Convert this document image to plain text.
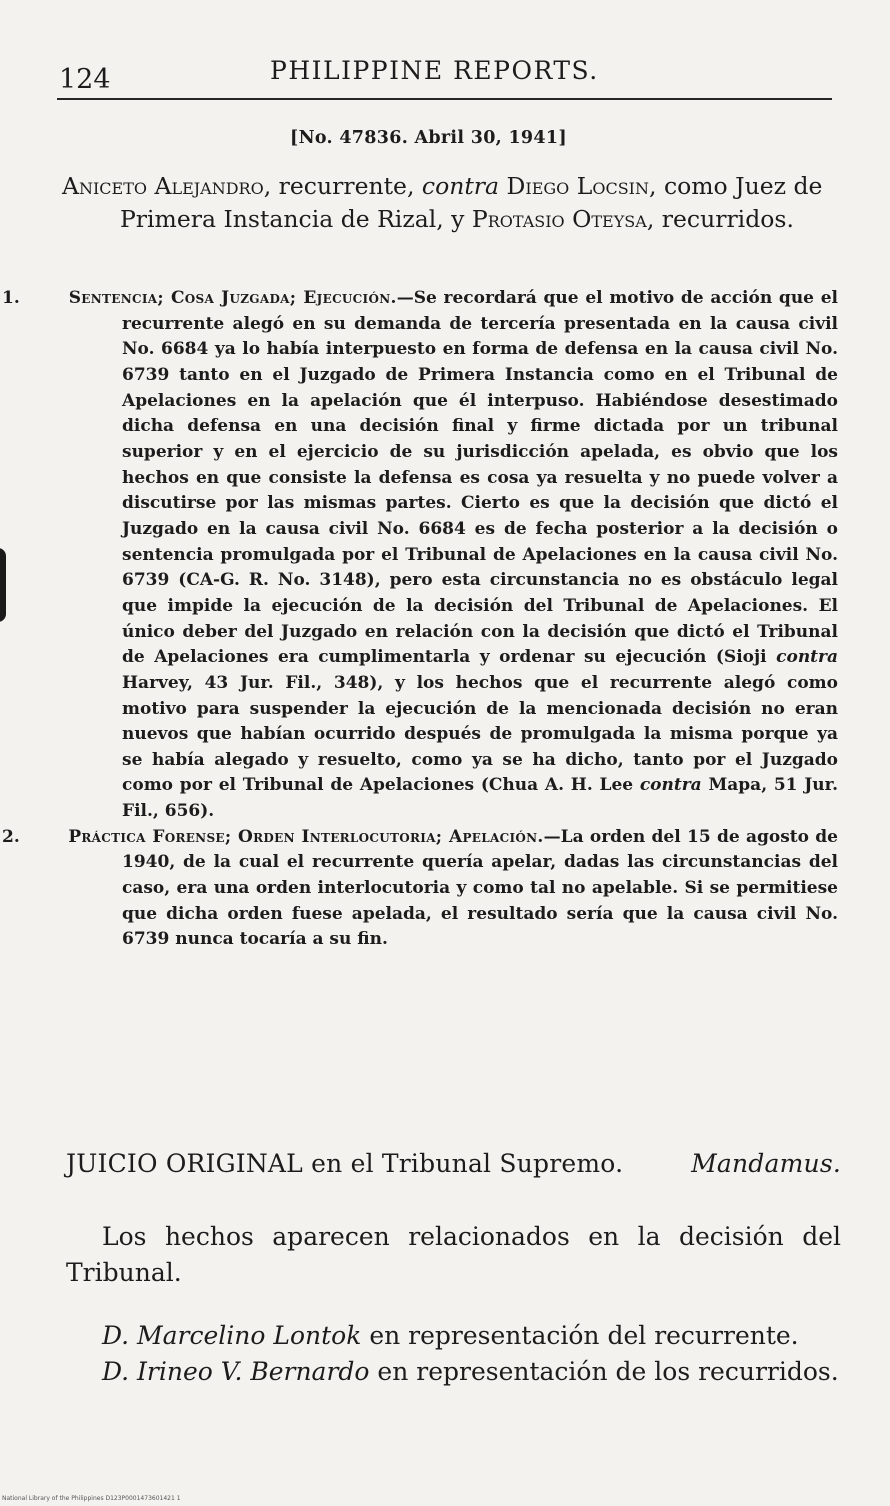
124	PHILIPPINE REPORTS.
[No. 47836. Abril 30, 1941]

Aniceto Alejandro, recurrente, contra Diego Locsin, como Juez de Primera Instancia de Rizal, y Protasio Oteysa, recurridos.

1.	Sentencia; Cosa Juzgada; Ejecución.—Se recordará que el motivo de acción que el recurrente alegó en su demanda de tercería presentada en la causa civil No. 6684 ya lo había interpuesto en forma de defensa en la causa civil No. 6739 tanto en el Juzgado de Primera Instancia como en el Tribunal de Apelaciones en la apelación que él interpuso. Habiéndose desestimado dicha defensa en una decisión final y firme dictada por un tribunal superior y en el ejercicio de su jurisdicción apelada, es obvio que los hechos en que consiste la defensa es cosa ya resuelta y no puede volver a discutirse por las mismas partes. Cierto es que la decisión que dictó el Juzgado en la causa civil No. 6684 es de fecha posterior a la decisión o sentencia promulgada por el Tribunal de Apelaciones en la causa civil No. 6739 (CA-G. R. No. 3148), pero esta circunstancia no es obstáculo legal que impide la ejecución de la decisión del Tribunal de Apelaciones. El único deber del Juzgado en relación con la decisión que dictó el Tribunal de Apelaciones era cumplimentarla y ordenar su ejecución (Sioji contra Harvey, 43 Jur. Fil., 348), y los hechos que el recurrente alegó como motivo para suspender la ejecución de la mencionada decisión no eran nuevos que habían ocurrido después de promulgada la misma porque ya se había alegado y resuelto, como ya se ha dicho, tanto por el Juzgado como por el Tribunal de Apelaciones (Chua A. H. Lee contra Mapa, 51 Jur. Fil., 656).

2.	Práctica Forense; Orden Interlocutoria; Apelación.—La orden del 15 de agosto de 1940, de la cual el recurrente quería apelar, dadas las circunstancias del caso, era una orden interlocutoria y como tal no apelable. Si se permitiese que dicha orden fuese apelada, el resultado sería que la causa civil No. 6739 nunca tocaría a su fin.

JUICIO ORIGINAL en el Tribunal Supremo.	Mandamus.

Los hechos aparecen relacionados en la decisión del Tribunal.

D. Marcelino Lontok en representación del recurrente.
D. Irineo V. Bernardo en representación de los recurridos.
National Library of the Philippines D123P0001473601421 1
